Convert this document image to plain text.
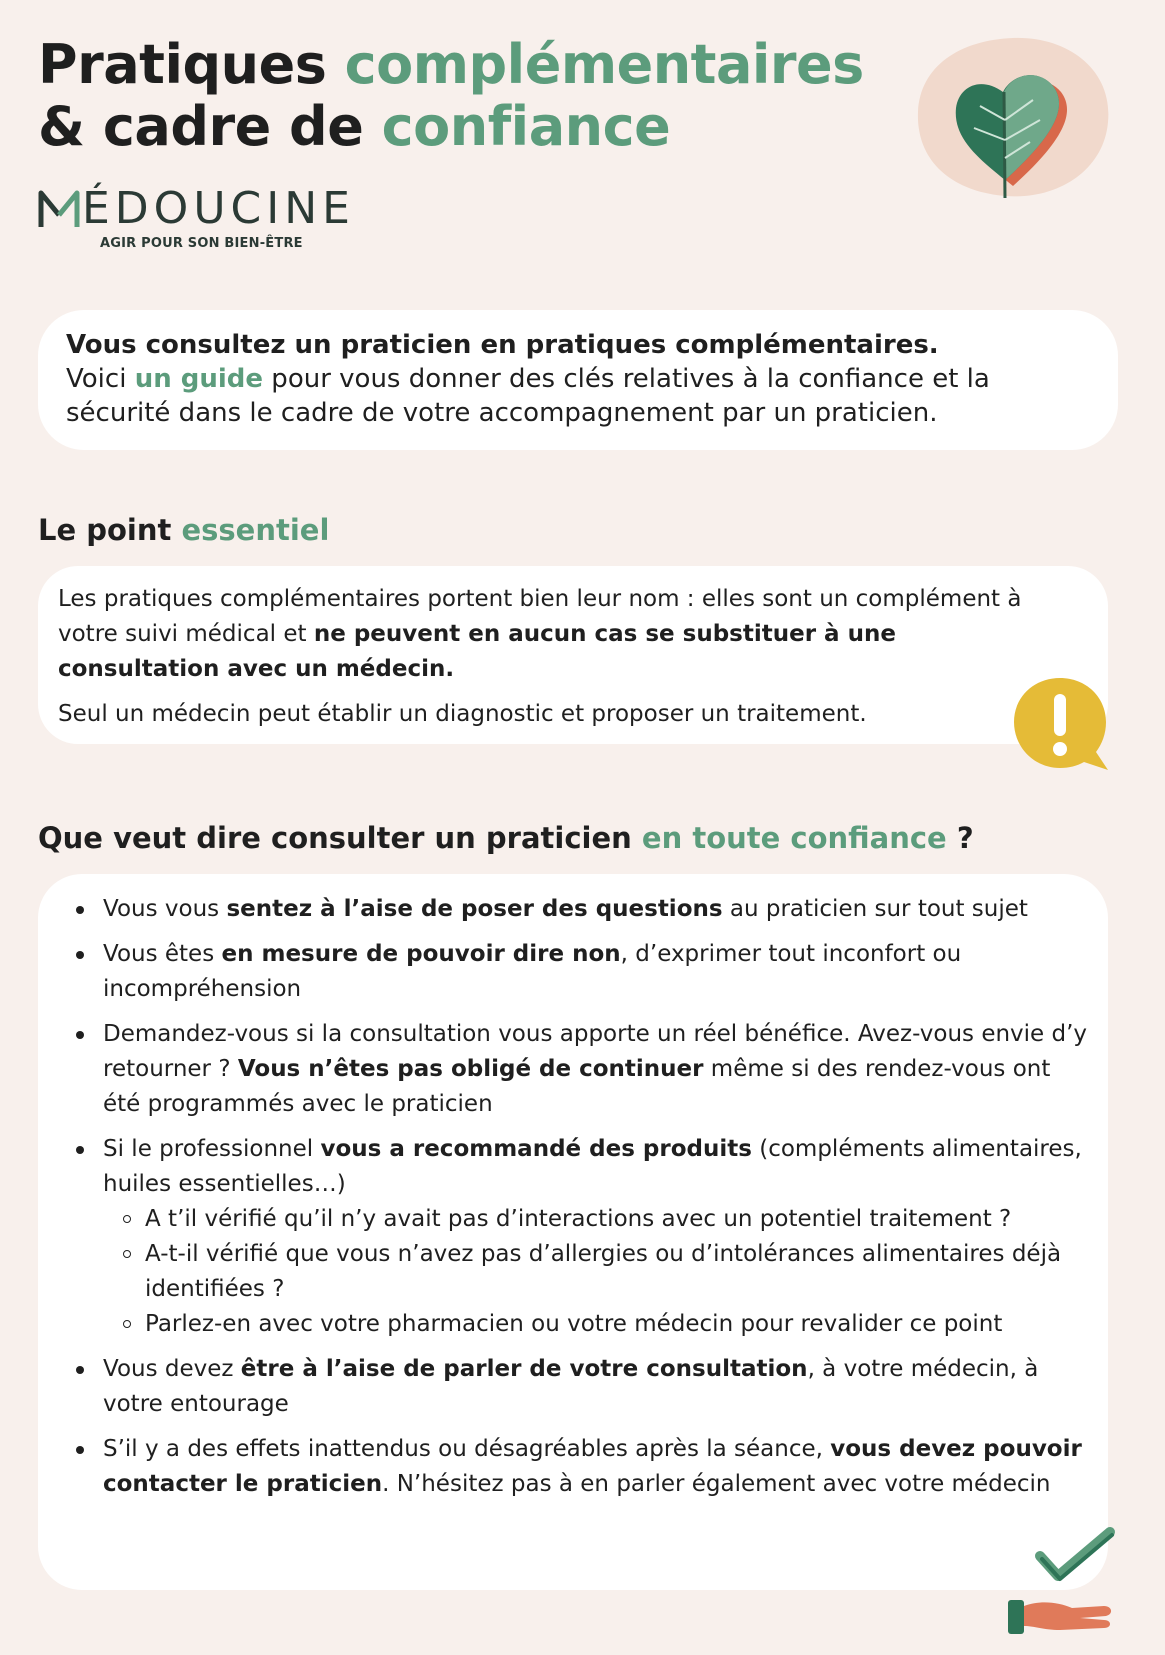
Pratiques complémentaires
& cadre de confiance
ÉDOUCINE
AGIR POUR SON BIEN-ÊTRE

Vous consultez un praticien en pratiques complémentaires.

Voici un guide pour vous donner des clés relatives à la confiance et la sécurité dans le cadre de votre accompagnement par un praticien.

Le point essentiel

Les pratiques complémentaires portent bien leur nom : elles sont un complément à votre suivi médical et ne peuvent en aucun cas se substituer à une consultation avec un médecin.

Seul un médecin peut établir un diagnostic et proposer un traitement.

Que veut dire consulter un praticien en toute confiance ?
Vous vous sentez à l’aise de poser des questions au praticien sur tout sujet
Vous êtes en mesure de pouvoir dire non, d’exprimer tout inconfort ou incompréhension
Demandez-vous si la consultation vous apporte un réel bénéfice. Avez-vous envie d’y retourner ? Vous n’êtes pas obligé de continuer même si des rendez-vous ont été programmés avec le praticien
Si le professionnel vous a recommandé des produits (compléments alimentaires, huiles essentielles…)
A t’il vérifié qu’il n’y avait pas d’interactions avec un potentiel traitement ?
A-t-il vérifié que vous n’avez pas d’allergies ou d’intolérances alimentaires déjà identifiées ?
Parlez-en avec votre pharmacien ou votre médecin pour revalider ce point
Vous devez être à l’aise de parler de votre consultation, à votre médecin, à votre entourage
S’il y a des effets inattendus ou désagréables après la séance, vous devez pouvoir contacter le praticien. N’hésitez pas à en parler également avec votre médecin
